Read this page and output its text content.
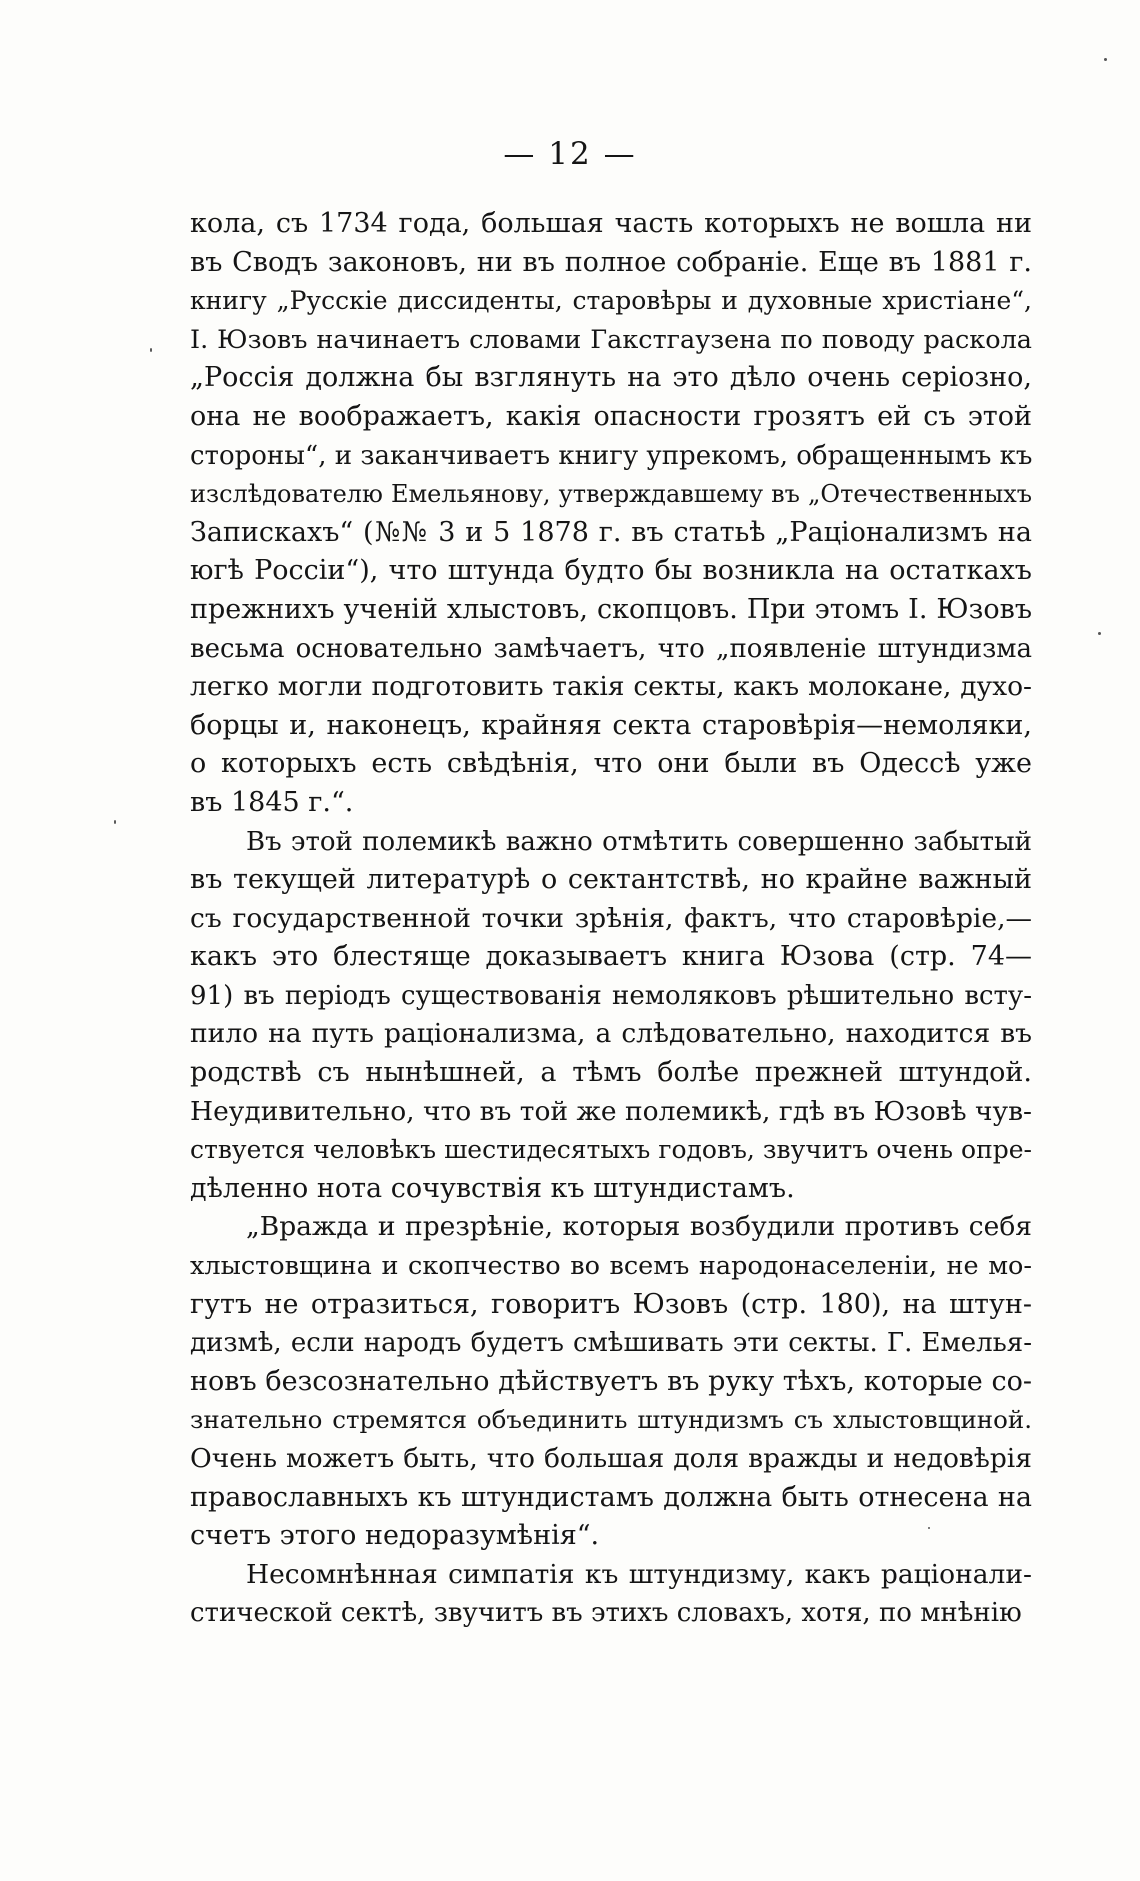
— 12 —
кола, съ 1734 года, большая часть которыхъ не вошла ни
въ Сводъ законовъ, ни въ полное собраніе. Еще въ 1881 г.
книгу „Русскіе диссиденты, старовѣры и духовные христіане“,
І. Юзовъ начинаетъ словами Гакстгаузена по поводу раскола
„Россія должна бы взглянуть на это дѣло очень серіозно,
она не воображаетъ, какія опасности грозятъ ей съ этой
стороны“, и заканчиваетъ книгу упрекомъ, обращеннымъ къ
изслѣдователю Емельянову, утверждавшему въ „Отечественныхъ
Запискахъ“ (№№ 3 и 5 1878 г. въ статьѣ „Раціонализмъ на
югѣ Россіи“), что штунда будто бы возникла на остаткахъ
прежнихъ ученій хлыстовъ, скопцовъ. При этомъ І. Юзовъ
весьма основательно замѣчаетъ, что „появленіе штундизма
легко могли подготовить такія секты, какъ молокане, духо-
борцы и, наконецъ, крайняя секта старовѣрія—немоляки,
о которыхъ есть свѣдѣнія, что они были въ Одессѣ уже
въ 1845 г.“.
Въ этой полемикѣ важно отмѣтить совершенно забытый
въ текущей литературѣ о сектантствѣ, но крайне важный
съ государственной точки зрѣнія, фактъ, что старовѣріе,—
какъ это блестяще доказываетъ книга Юзова (стр. 74—
91) въ періодъ существованія немоляковъ рѣшительно всту-
пило на путь раціонализма, а слѣдовательно, находится въ
родствѣ съ нынѣшней, а тѣмъ болѣе прежней штундой.
Неудивительно, что въ той же полемикѣ, гдѣ въ Юзовѣ чув-
ствуется человѣкъ шестидесятыхъ годовъ, звучитъ очень опре-
дѣленно нота сочувствія къ штундистамъ.
„Вражда и презрѣніе, которыя возбудили противъ себя
хлыстовщина и скопчество во всемъ народонаселеніи, не мо-
гутъ не отразиться, говоритъ Юзовъ (стр. 180), на штун-
дизмѣ, если народъ будетъ смѣшивать эти секты. Г. Емелья-
новъ безсознательно дѣйствуетъ въ руку тѣхъ, которые со-
знательно стремятся объединить штундизмъ съ хлыстовщиной.
Очень можетъ быть, что большая доля вражды и недовѣрія
православныхъ къ штундистамъ должна быть отнесена на
счетъ этого недоразумѣнія“.
Несомнѣнная симпатія къ штундизму, какъ раціонали-
стической сектѣ, звучитъ въ этихъ словахъ, хотя, по мнѣнію
